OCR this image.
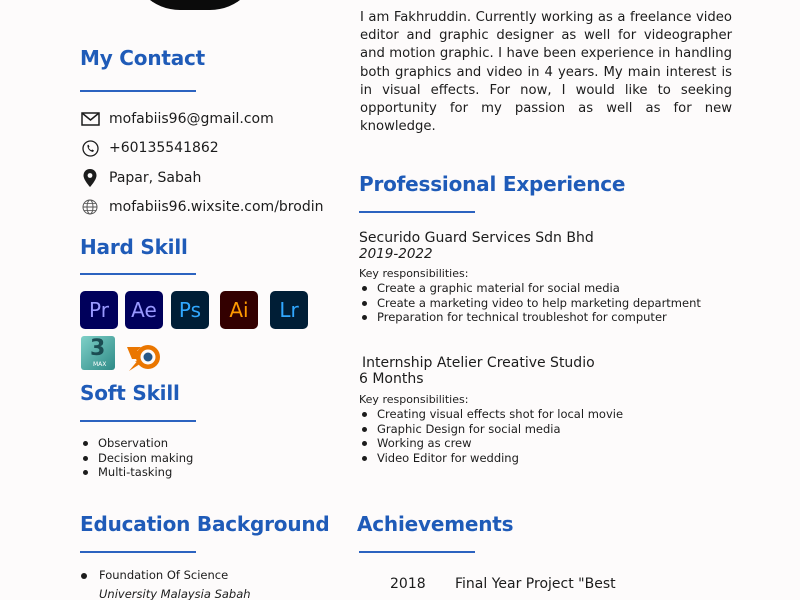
I am Fakhruddin. Currently working as a freelance video editor and graphic designer as well for videographer and motion graphic. I have been experience in handling both graphics and video in 4 years. My main interest is in visual effects. For now, I would like to seeking opportunity for my passion as well as for new knowledge.

My Contact
mofabiis96@gmail.com
+60135541862
Papar, Sabah
mofabiis96.wixsite.com/brodin
Hard Skill
Pr	Ae	Ps	Ai	Lr
3
MAX
Soft Skill
Observation
Decision making
Multi-tasking
Education Background
Foundation Of Science
University Malaysia Sabah
Professional Experience
Securido Guard Services Sdn Bhd
2019-2022
Key responsibilities:
Create a graphic material for social media
Create a marketing video to help marketing department
Preparation for technical troubleshot for computer
Internship Atelier Creative Studio
6 Months
Key responsibilities:
Creating visual effects shot for local movie
Graphic Design for social media
Working as crew
Video Editor for wedding
Achievements
2018 Final Year Project "Best
